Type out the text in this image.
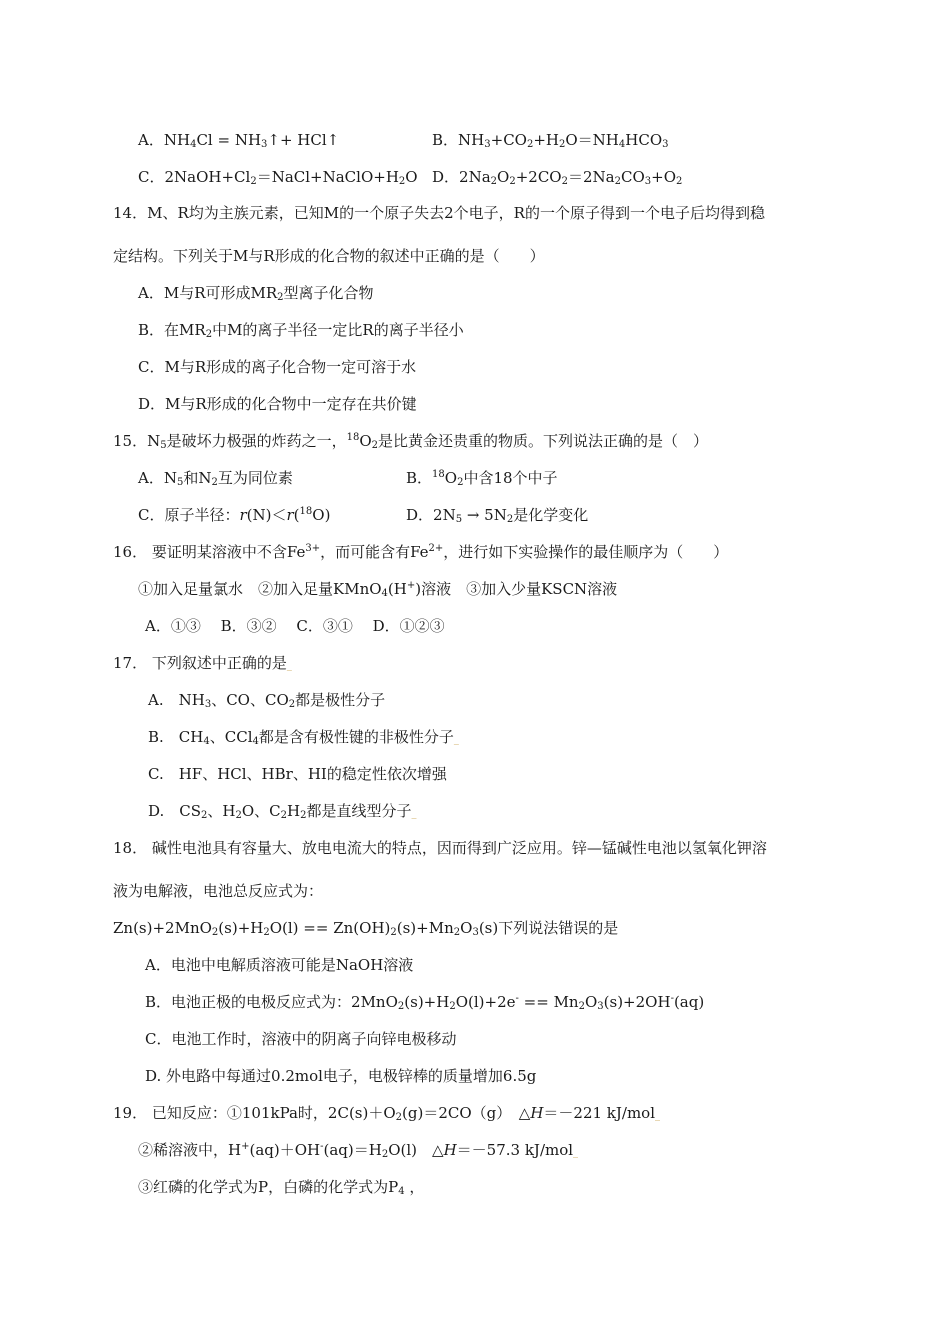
A．$NH_4Cl$ = $NH_3↑+$ HCl↑	B．$NH_3+CO_2+H_2O=NH_4HCO_3$
C．$2NaOH+Cl_2=NaCl+NaClO+H_2O$ D．$2Na_2O_2+2CO_2=2Na_2CO_3+O_2$
14．M、R均为主族元素，已知M的一个原子失去2个电子，R的一个原子得到一个电子后均得到稳
定结构。下列关于M与R形成的化合物的叙述中正确的是（　　）
A．M与R可形成$MR_2$型离子化合物
B．在$MR_2$中M的离子半径一定比R的离子半径小
C．M与R形成的离子化合物一定可溶于水
D．M与R形成的化合物中一定存在共价键
15．$N_5$是破坏力极强的炸药之一，$^{18}O_2$是比黄金还贵重的物质。下列说法正确的是（　）
A．$N_5$和$N_2$互为同位素	B．$^{18}O_2$中含18个中子
C．原子半径：r(N)＜r($^{18}$O)	D．$2N_5 \to 5N_2$是化学变化
16． 要证明某溶液中不含$Fe^{3+}$，而可能含有$Fe^{2+}$，进行如下实验操作的最佳顺序为（　　）
①加入足量氯水　②加入足量KMnO$_4$(H+)溶液　③加入少量KSCN溶液
A．①③　 B．③②　 C．③①　 D．①②③
17． 下列叙述中正确的是_
A.　$NH_3$、CO、$CO_2$都是极性分子
B.　$CH_4$、CCl$_4$都是含有极性键的非极性分子_
C.　HF、HCl、HBr、HI的稳定性依次增强
D.　$CS_2$、$H_2O$、$C_2H_2$都是直线型分子_
18． 碱性电池具有容量大、放电电流大的特点，因而得到广泛应用。锌—锰碱性电池以氢氧化钾溶
液为电解液，电池总反应式为：
$Zn(s)+2MnO_2(s)+H_2O(l) == Zn(OH)_2(s)+Mn_2O_3(s)$下列说法错误的是
A．电池中电解质溶液可能是NaOH溶液
B．电池正极的电极反应式为：$2MnO_2(s)+H_2O(l)+2e^- == Mn_2O_3(s)+2OH^-(aq)$
C．电池工作时，溶液中的阴离子向锌电极移动
D. 外电路中每通过0.2mol电子，电极锌棒的质量增加6.5g
19． 已知反应：①101kPa时，$2C(s)+O_2(g)=2CO(g)$　△H＝－221 kJ/mol_
②稀溶液中，$H^+(aq)+OH^-(aq)=H_2O(l)$　△H＝－57.3 kJ/mol_
③红磷的化学式为P，白磷的化学式为$P_4$ ，
